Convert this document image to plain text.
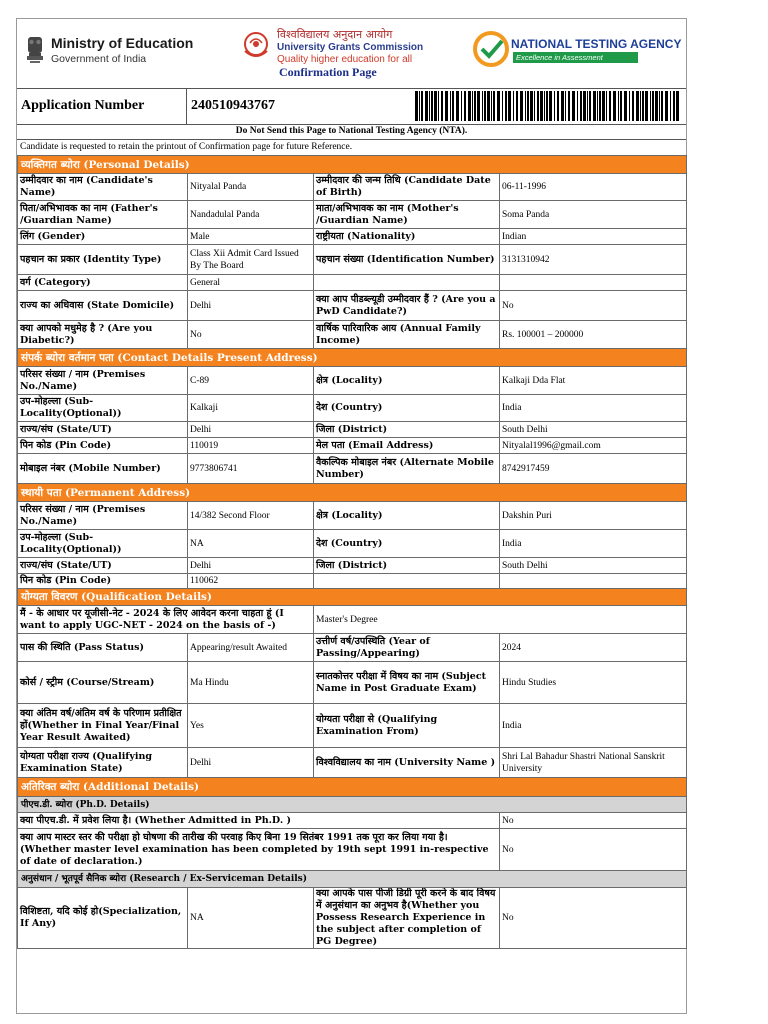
Ministry of Education
Government of India
विश्वविद्यालय अनुदान आयोग
University Grants Commission
Quality higher education for all
Confirmation Page
NATIONAL TESTING AGENCY
Excellence in Assessment
Application Number	240510943767
Do Not Send this Page to National Testing Agency (NTA).
Candidate is requested to retain the printout of Confirmation page for future Reference.
व्यक्तिगत ब्योरा (Personal Details)			
उम्मीदवार का नाम (Candidate's Name)	Nityalal Panda	उम्मीदवार की जन्म तिथि (Candidate Date of Birth)	06-11-1996
पिता/अभिभावक का नाम (Father's /Guardian Name)	Nandadulal Panda	माता/अभिभावक का नाम (Mother's /Guardian Name)	Soma Panda
लिंग (Gender)	Male	राष्ट्रीयता (Nationality)	Indian
पहचान का प्रकार (Identity Type)	Class Xii Admit Card Issued By The Board	पहचान संख्या (Identification Number)	3131310942
वर्ग (Category)	General		
राज्य का अधिवास (State Domicile)	Delhi	क्या आप पीडब्ल्यूडी उम्मीदवार हैं ? (Are you a PwD Candidate?)	No
क्या आपको मधुमेह है ? (Are you Diabetic?)	No	वार्षिक पारिवारिक आय (Annual Family Income)	Rs. 100001 – 200000
संपर्क ब्योरा वर्तमान पता (Contact Details Present Address)			
परिसर संख्या / नाम (Premises No./Name)	C-89	क्षेत्र (Locality)	Kalkaji Dda Flat
उप-मोहल्ला (Sub-Locality(Optional))	Kalkaji	देश (Country)	India
राज्य/संघ (State/UT)	Delhi	जिला (District)	South Delhi
पिन कोड (Pin Code)	110019	मेल पता (Email Address)	Nityalal1996@gmail.com
मोबाइल नंबर (Mobile Number)	9773806741	वैकल्पिक मोबाइल नंबर (Alternate Mobile Number)	8742917459
स्थायी पता (Permanent Address)			
परिसर संख्या / नाम (Premises No./Name)	14/382 Second Floor	क्षेत्र (Locality)	Dakshin Puri
उप-मोहल्ला (Sub-Locality(Optional))	NA	देश (Country)	India
राज्य/संघ (State/UT)	Delhi	जिला (District)	South Delhi
पिन कोड (Pin Code)	110062		
योग्यता विवरण (Qualification Details)			
मैं - के आधार पर यूजीसी-नेट - 2024 के लिए आवेदन करना चाहता हूं (I want to apply UGC-NET - 2024 on the basis of -)		Master's Degree	
पास की स्थिति (Pass Status)	Appearing/result Awaited	उत्तीर्ण वर्ष/उपस्थिति (Year of Passing/Appearing)	2024
कोर्स / स्ट्रीम (Course/Stream)	Ma Hindu	स्नातकोत्तर परीक्षा में विषय का नाम (Subject Name in Post Graduate Exam)	Hindu Studies
क्या अंतिम वर्ष/अंतिम वर्ष के परिणाम प्रतीक्षित हों(Whether in Final Year/Final Year Result Awaited)	Yes	योग्यता परीक्षा से (Qualifying Examination From)	India
योग्यता परीक्षा राज्य (Qualifying Examination State)	Delhi	विश्वविद्यालय का नाम (University Name )	Shri Lal Bahadur Shastri National Sanskrit University
अतिरिक्त ब्योरा (Additional Details)			
पीएच.डी. ब्योरा (Ph.D. Details)			
क्या पीएच.डी. में प्रवेश लिया है। (Whether Admitted in Ph.D. )			No
क्या आप मास्टर स्तर की परीक्षा हो घोषणा की तारीख की परवाह किए बिना 19 सितंबर 1991 तक पूरा कर लिया गया है। (Whether master level examination has been completed by 19th sept 1991 in-respective of date of declaration.)			No
अनुसंधान / भूतपूर्व सैनिक ब्योरा (Research / Ex-Serviceman Details)			
विशिष्टता, यदि कोई हो(Specialization, If Any)	NA	क्या आपके पास पीजी डिग्री पूरी करने के बाद विषय में अनुसंधान का अनुभव है(Whether you Possess Research Experience in the subject after completion of PG Degree)	No
